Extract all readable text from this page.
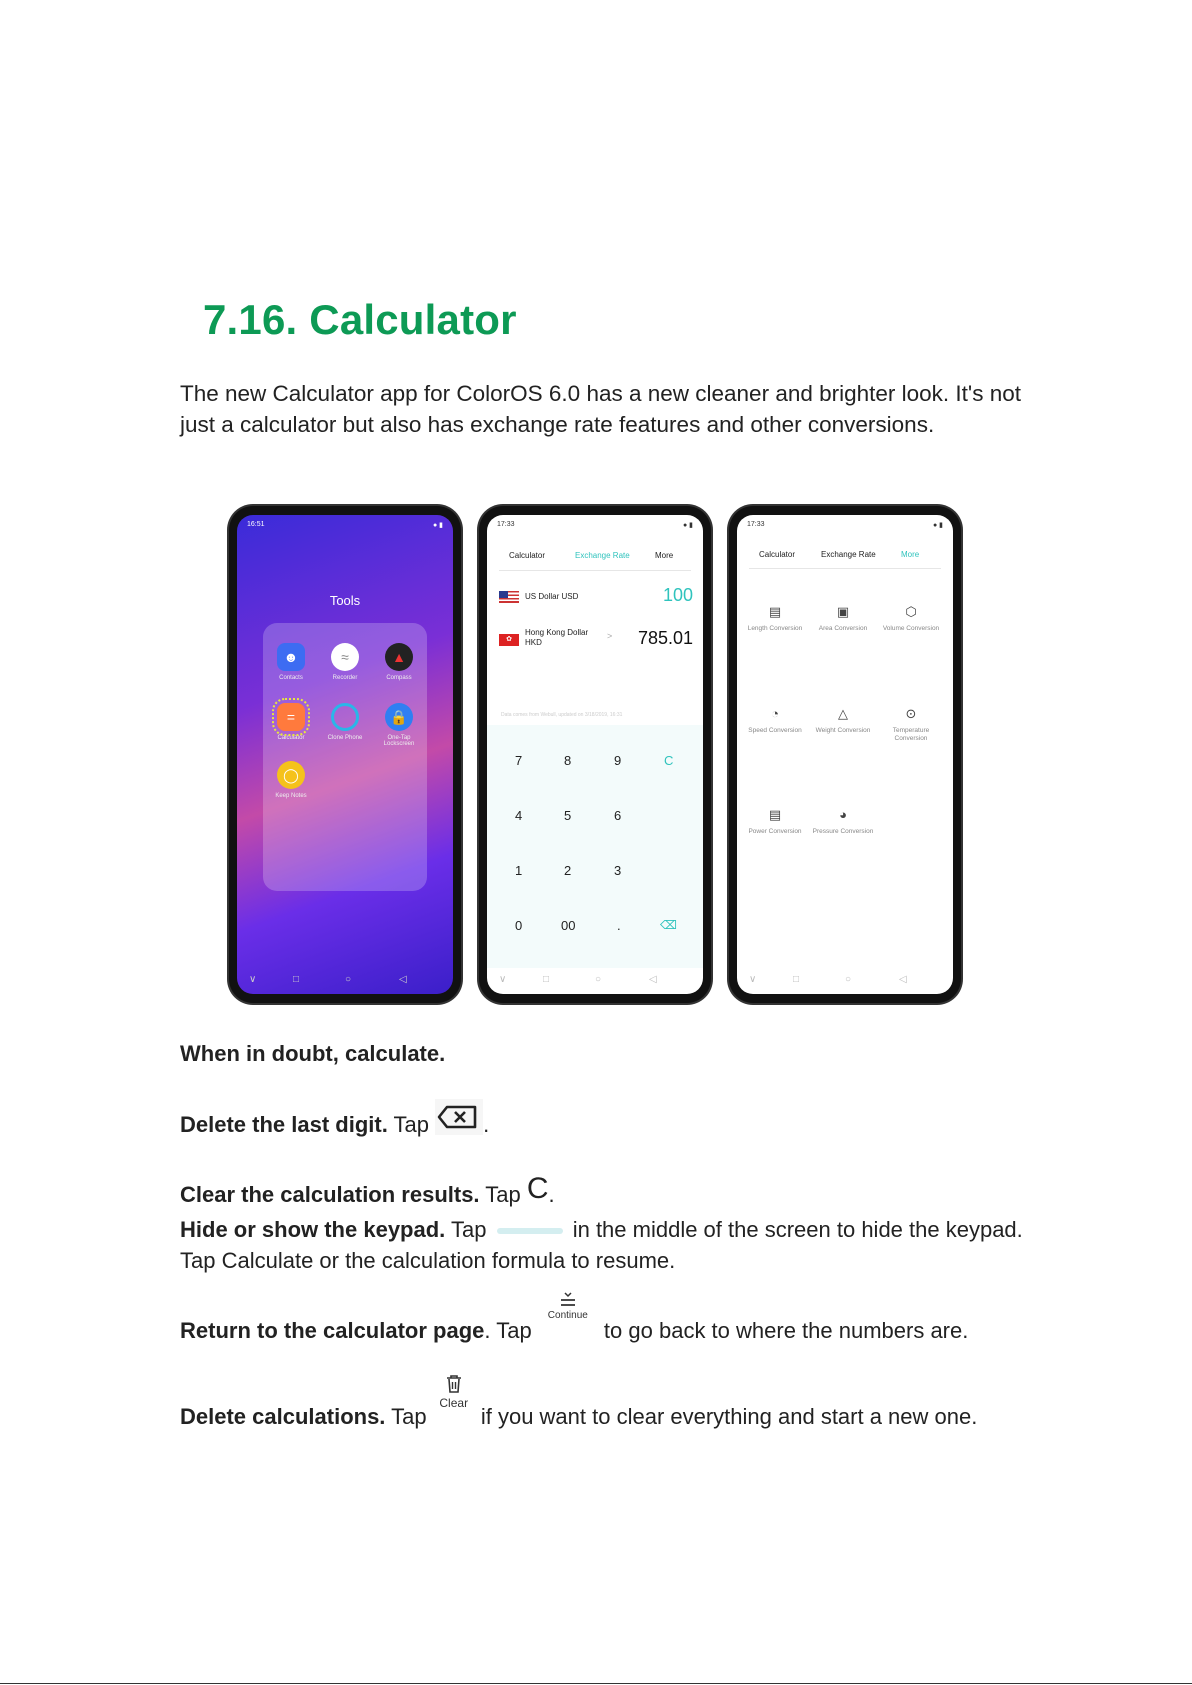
7.16. Calculator
The new Calculator app for ColorOS 6.0 has a new cleaner and brighter look. It's not just a calculator but also has exchange rate features and other conversions.
16:51	● ▮
Tools
☻
Contacts
≈
Recorder
▲
Compass
=
Calculator	Clone Phone
🔒
One-Tap Lockscreen
◯
Keep Notes
∨	□	○	◁
17:33	● ▮
Calculator	Exchange Rate	More
US Dollar USD	100
✿
Hong Kong Dollar
HKD
> 785.01
Data comes from Webull, updated on 3/18/2019, 16:31
7	8	9	C
4	5	6
1	2	3
0	00	.	⌫
∨	□	○	◁
17:33	● ▮
Calculator	Exchange Rate	More
▤
Length Conversion
▣
Area Conversion
⬡
Volume Conversion
◔
Speed Conversion
△
Weight Conversion
⊙
Temperature Conversion
▤
Power Conversion
◕
Pressure Conversion
∨	□	○	◁
When in doubt, calculate.
Delete the last digit. Tap .
Clear the calculation results. Tap C.
Hide or show the keypad. Tap	in the middle of the screen to hide the keypad. Tap Calculate or the calculation formula to resume.
Return to the calculator page. Tap
Continue
to go back to where the numbers are.
Delete calculations. Tap
Clear
if you want to clear everything and start a new one.
